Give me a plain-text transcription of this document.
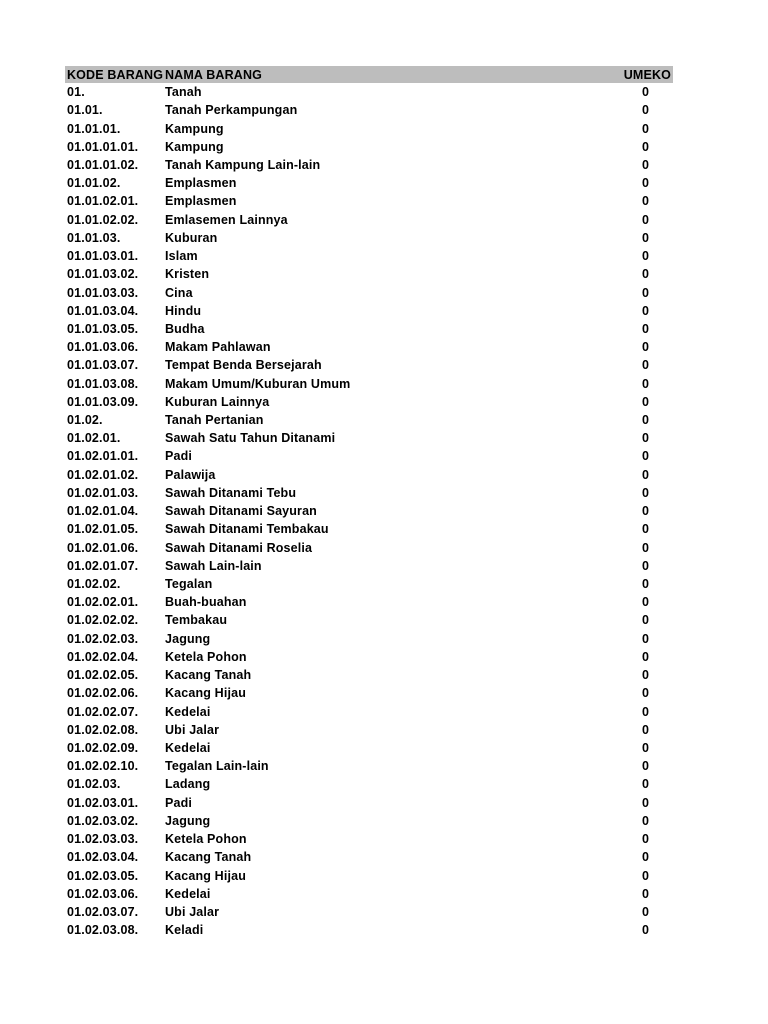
KODE BARANG NAMA BARANG	UMEKO
01.	Tanah	0
01.01.	Tanah Perkampungan	0
01.01.01.	Kampung	0
01.01.01.01.	Kampung	0
01.01.01.02.	Tanah Kampung Lain-lain	0
01.01.02.	Emplasmen	0
01.01.02.01.	Emplasmen	0
01.01.02.02.	Emlasemen Lainnya	0
01.01.03.	Kuburan	0
01.01.03.01.	Islam	0
01.01.03.02.	Kristen	0
01.01.03.03.	Cina	0
01.01.03.04.	Hindu	0
01.01.03.05.	Budha	0
01.01.03.06.	Makam Pahlawan	0
01.01.03.07.	Tempat Benda Bersejarah	0
01.01.03.08.	Makam Umum/Kuburan Umum	0
01.01.03.09.	Kuburan Lainnya	0
01.02.	Tanah Pertanian	0
01.02.01.	Sawah Satu Tahun Ditanami	0
01.02.01.01.	Padi	0
01.02.01.02.	Palawija	0
01.02.01.03.	Sawah Ditanami Tebu	0
01.02.01.04.	Sawah Ditanami Sayuran	0
01.02.01.05.	Sawah Ditanami Tembakau	0
01.02.01.06.	Sawah Ditanami Roselia	0
01.02.01.07.	Sawah Lain-lain	0
01.02.02.	Tegalan	0
01.02.02.01.	Buah-buahan	0
01.02.02.02.	Tembakau	0
01.02.02.03.	Jagung	0
01.02.02.04.	Ketela Pohon	0
01.02.02.05.	Kacang Tanah	0
01.02.02.06.	Kacang Hijau	0
01.02.02.07.	Kedelai	0
01.02.02.08.	Ubi Jalar	0
01.02.02.09.	Kedelai	0
01.02.02.10.	Tegalan Lain-lain	0
01.02.03.	Ladang	0
01.02.03.01.	Padi	0
01.02.03.02.	Jagung	0
01.02.03.03.	Ketela Pohon	0
01.02.03.04.	Kacang Tanah	0
01.02.03.05.	Kacang Hijau	0
01.02.03.06.	Kedelai	0
01.02.03.07.	Ubi Jalar	0
01.02.03.08.	Keladi	0
